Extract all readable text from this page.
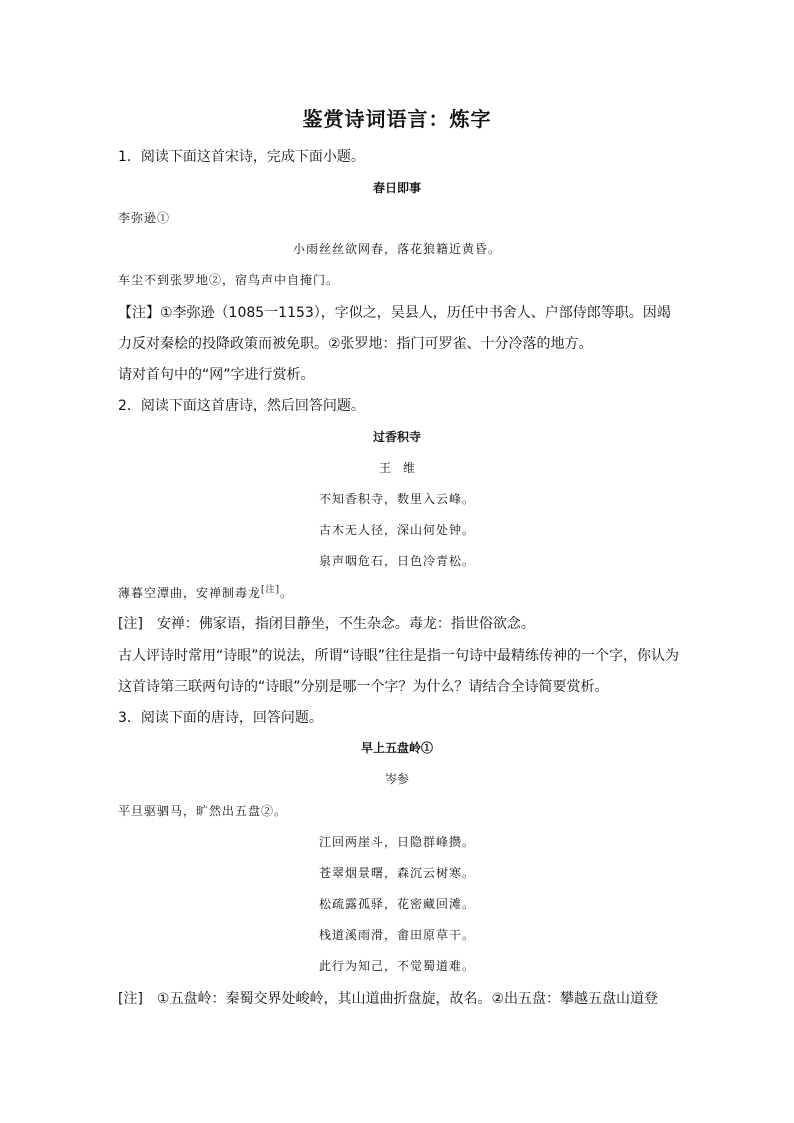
鉴赏诗词语言：炼字
1．阅读下面这首宋诗，完成下面小题。
春日即事
李弥逊①
小雨丝丝欲网春，落花狼籍近黄昏。
车尘不到张罗地②，宿鸟声中自掩门。
【注】①李弥逊（1085一1153），字似之，吴县人，历任中书舍人、户部侍郎等职。因竭
力反对秦桧的投降政策而被免职。②张罗地：指门可罗雀、十分冷落的地方。
请对首句中的“网”字进行赏析。
2．阅读下面这首唐诗，然后回答问题。
过香积寺
王　维
不知香积寺，数里入云峰。
古木无人径，深山何处钟。
泉声咽危石，日色冷青松。
薄暮空潭曲，安禅制毒龙[注]。
[注]　安禅：佛家语，指闭目静坐，不生杂念。毒龙：指世俗欲念。
古人评诗时常用“诗眼”的说法，所谓“诗眼”往往是指一句诗中最精练传神的一个字，你认为
这首诗第三联两句诗的“诗眼”分别是哪一个字？为什么？请结合全诗简要赏析。
3．阅读下面的唐诗，回答问题。
早上五盘岭①
岑参
平旦驱驷马，旷然出五盘②。
江回两崖斗，日隐群峰攒。
苍翠烟景曙，森沉云树寒。
松疏露孤驿，花密藏回滩。
栈道溪雨滑，畬田原草干。
此行为知己，不觉蜀道难。
[注]　①五盘岭：秦蜀交界处峻岭，其山道曲折盘旋，故名。②出五盘：攀越五盘山道登
